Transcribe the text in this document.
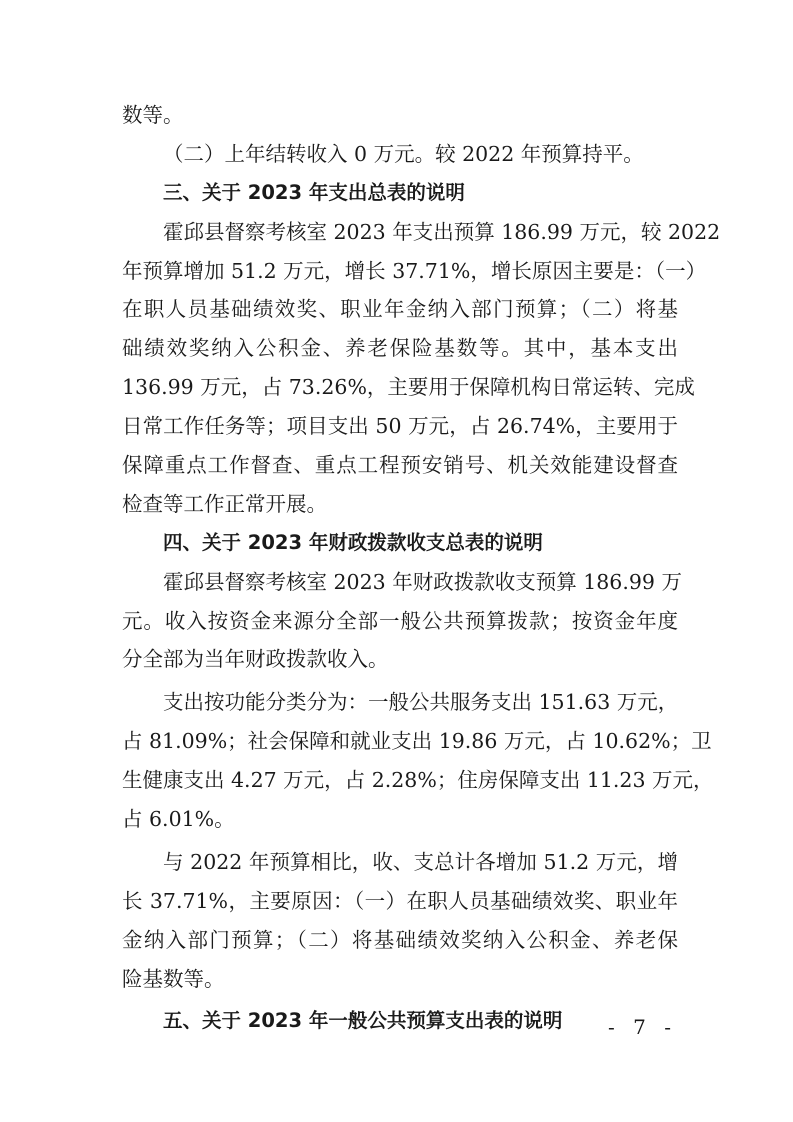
数等。
（二）上年结转收入 0 万元。较 2022 年预算持平。
三、关于 2023 年支出总表的说明
霍邱县督察考核室 2023 年支出预算 186.99 万元，较 2022
年预算增加 51.2 万元，增长 37.71%，增长原因主要是：（一）
在职人员基础绩效奖、职业年金纳入部门预算；（二）将基
础绩效奖纳入公积金、养老保险基数等。其中，基本支出
136.99 万元，占 73.26%，主要用于保障机构日常运转、完成
日常工作任务等；项目支出 50 万元，占 26.74%，主要用于
保障重点工作督查、重点工程预安销号、机关效能建设督查
检查等工作正常开展。
四、关于 2023 年财政拨款收支总表的说明
霍邱县督察考核室 2023 年财政拨款收支预算 186.99 万
元。收入按资金来源分全部一般公共预算拨款；按资金年度
分全部为当年财政拨款收入。
支出按功能分类分为：一般公共服务支出 151.63 万元，
占 81.09%；社会保障和就业支出 19.86 万元，占 10.62%；卫
生健康支出 4.27 万元，占 2.28%；住房保障支出 11.23 万元，
占 6.01%。
与 2022 年预算相比，收、支总计各增加 51.2 万元，增
长 37.71%，主要原因：（一）在职人员基础绩效奖、职业年
金纳入部门预算；（二）将基础绩效奖纳入公积金、养老保
险基数等。
五、关于 2023 年一般公共预算支出表的说明	- 7 -
